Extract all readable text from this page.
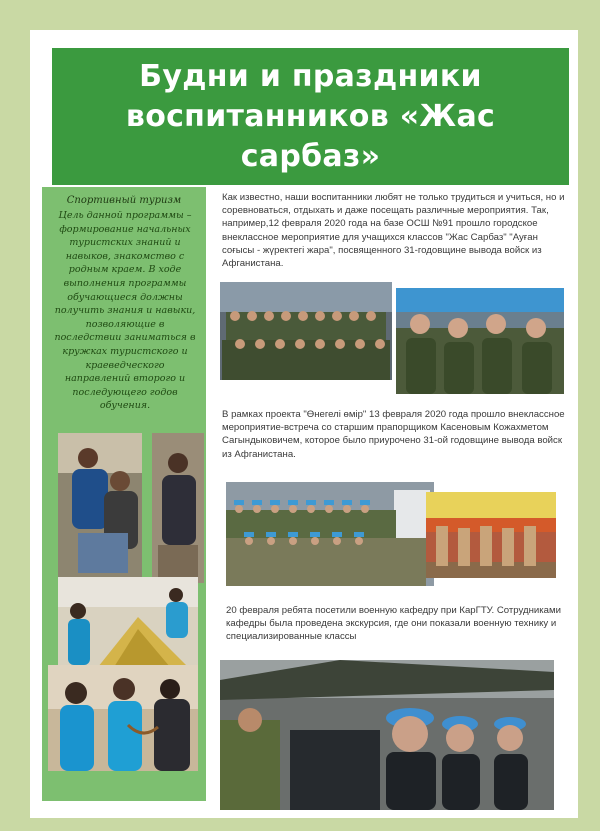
Будни и праздники воспитанников «Жас сарбаз»
Спортивный туризм
Цель данной программы – формирование начальных туристских знаний и навыков, знакомство с родным краем. В ходе выполнения программы обучающиеся должны получить знания и навыки, позволяющие в последствии заниматься в кружках туристского и краеведческого направлений второго и последующего годов обучения.
Как известно, наши воспитанники любят не только трудиться и учиться, но и соревноваться, отдыхать и даже посещать различные мероприятия. Так, например,12 февраля 2020 года на базе ОСШ №91 прошло городское внеклассное мероприятие для учащихся классов "Жас Сарбаз" "Ауған соғысы - жүректегі жара", посвященного 31-годовщине вывода войск из Афганистана.
В рамках проекта "Өнегелі өмір" 13 февраля 2020 года прошло внеклассное мероприятие-встреча со старшим прапорщиком Касеновым Кожахметом Сагындыковичем, которое было приурочено 31-ой годовщине вывода войск из Афганистана.
20 февраля ребята посетили военную кафедру при КарГТУ. Сотрудниками кафедры была проведена экскурсия, где они показали военную технику и специализированные классы
